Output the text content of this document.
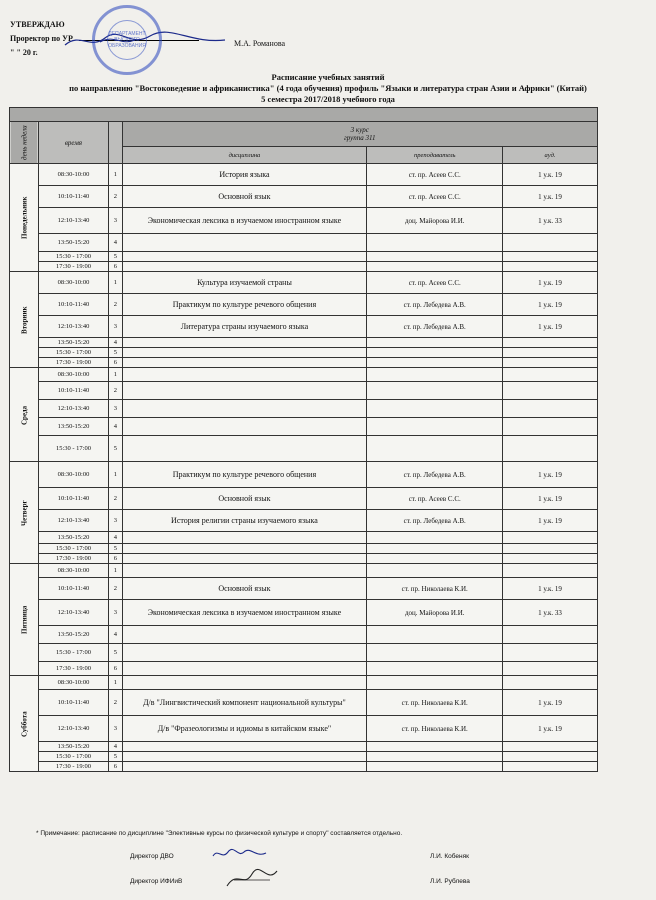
УТВЕРЖДАЮ
Проректор по УР
" " 20 г.
М.А. Романова
ДЕПАРТАМЕНТ ВЫСШЕГО ОБРАЗОВАНИЯ
Расписание учебных занятий
по направлению "Востоковедение и африканистика" (4 года обучения) профиль "Языки и литература стран Азии и Африки" (Китай)
5 семестра 2017/2018 учебного года

день недели	время		3 курс
группа 311		

			дисциплина	преподаватель	ауд.
Понедельник	08:30-10:00	1	История языка	ст. пр. Асеев С.С.	1 у.к. 19
	10:10-11:40	2	Основной язык	ст. пр. Асеев С.С.	1 у.к. 19
	12:10-13:40	3	Экономическая лексика в изучаемом иностранном языке	доц. Майорова И.И.	1 у.к. 33
	13:50-15:20	4			
	15:30 - 17:00	5			
	17:30 - 19:00	6			
Вторник	08:30-10:00	1	Культура изучаемой страны	ст. пр. Асеев С.С.	1 у.к. 19
	10:10-11:40	2	Практикум по культуре речевого общения	ст. пр. Лебедева А.В.	1 у.к. 19
	12:10-13:40	3	Литература страны изучаемого языка	ст. пр. Лебедева А.В.	1 у.к. 19
	13:50-15:20	4			
	15:30 - 17:00	5			
	17:30 - 19:00	6			
Среда	08:30-10:00	1			
	10:10-11:40	2			
	12:10-13:40	3			
	13:50-15:20	4			
	15:30 - 17:00	5			
Четверг	08:30-10:00	1	Практикум по культуре речевого общения	ст. пр. Лебедева А.В.	1 у.к. 19
	10:10-11:40	2	Основной язык	ст. пр. Асеев С.С.	1 у.к. 19
	12:10-13:40	3	История религии страны изучаемого языка	ст. пр. Лебедева А.В.	1 у.к. 19
	13:50-15:20	4			
	15:30 - 17:00	5			
	17:30 - 19:00	6			
Пятница	08:30-10:00	1			
	10:10-11:40	2	Основной язык	ст. пр. Николаева К.И.	1 у.к. 19
	12:10-13:40	3	Экономическая лексика в изучаемом иностранном языке	доц. Майорова И.И.	1 у.к. 33
	13:50-15:20	4			
	15:30 - 17:00	5			
	17:30 - 19:00	6			
Суббота	08:30-10:00	1			
	10:10-11:40	2	Д/в "Лингвистический компонент национальной культуры"	ст. пр. Николаева К.И.	1 у.к. 19
	12:10-13:40	3	Д/в "Фразеологизмы и идиомы в китайском языке"	ст. пр. Николаева К.И.	1 у.к. 19
	13:50-15:20	4			
	15:30 - 17:00	5			
	17:30 - 19:00	6			
* Примечание: расписание по дисциплине "Элективные курсы по физической культуре и спорту" составляется отдельно.
Директор ДВО	Л.И. Кобеняк
Директор ИФИиВ	Л.И. Рублева
